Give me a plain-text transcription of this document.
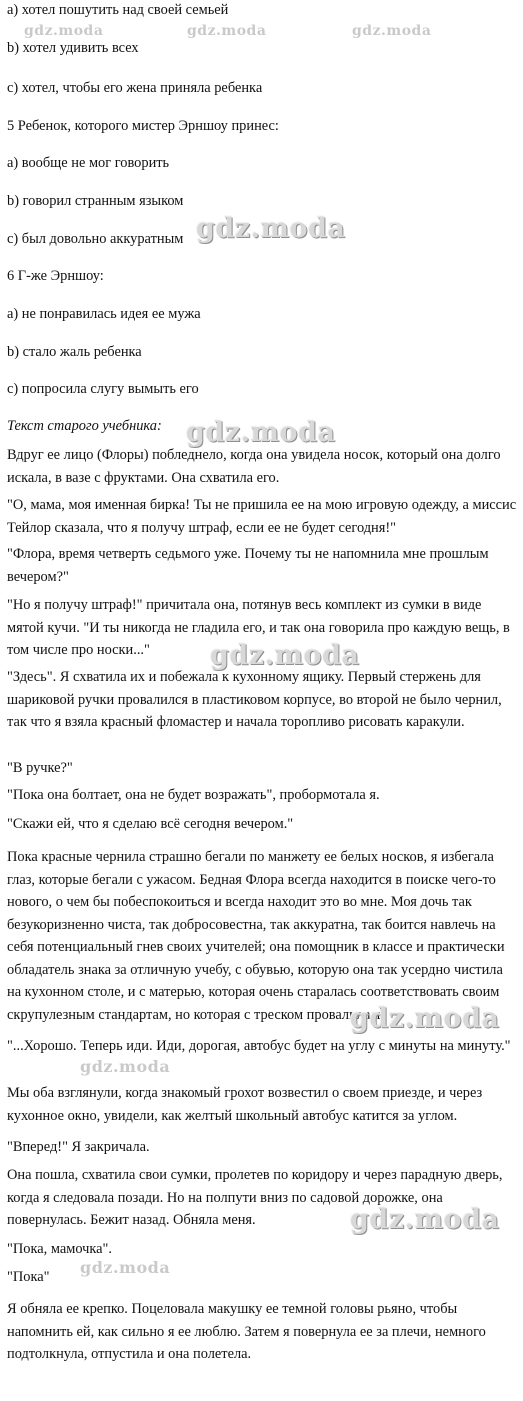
a) хотел пошутить над своей семьей
b) хотел удивить всех
c) хотел, чтобы его жена приняла ребенка
5 Ребенок, которого мистер Эрншоу принес:
a) вообще не мог говорить
b) говорил странным языком
c) был довольно аккуратным
6 Г-же Эрншоу:
a) не понравилась идея ее мужа
b) стало жаль ребенка
c) попросила слугу вымыть его
Текст старого учебника:
Вдруг ее лицо (Флоры) побледнело, когда она увидела носок, который она долго искала, в вазе с фруктами. Она схватила его.
"О, мама, моя именная бирка! Ты не пришила ее на мою игровую одежду, а миссис Тейлор сказала, что я получу штраф, если ее не будет сегодня!"
"Флора, время четверть седьмого уже. Почему ты не напомнила мне прошлым вечером?"
"Но я получу штраф!" причитала она, потянув весь комплект из сумки в виде мятой кучи. "И ты никогда не гладила его, и так она говорила про каждую вещь, в том числе про носки..."
"Здесь". Я схватила их и побежала к кухонному ящику. Первый стержень для шариковой ручки провалился в пластиковом корпусе, во второй не было чернил, так что я взяла красный фломастер и начала торопливо рисовать каракули.
"В ручке?"
"Пока она болтает, она не будет возражать", пробормотала я.
"Скажи ей, что я сделаю всё сегодня вечером."
Пока красные чернила страшно бегали по манжету ее белых носков, я избегала глаз, которые бегали с ужасом. Бедная Флора всегда находится в поиске чего-то нового, о чем бы побеспокоиться и всегда находит это во мне. Моя дочь так безукоризненно чиста, так добросовестна, так аккуратна, так боится навлечь на себя потенциальный гнев своих учителей; она помощник в классе и практически обладатель знака за отличную учебу, с обувью, которую она так усердно чистила на кухонном столе, и с матерью, которая очень старалась соответствовать своим скрупулезным стандартам, но которая с треском провалилась.
"...Хорошо. Теперь иди. Иди, дорогая, автобус будет на углу с минуты на минуту."
Мы оба взглянули, когда знакомый грохот возвестил о своем приезде, и через кухонное окно, увидели, как желтый школьный автобус катится за углом.
"Вперед!" Я закричала.
Она пошла, схватила свои сумки, пролетев по коридору и через парадную дверь, когда я следовала позади. Но на полпути вниз по садовой дорожке, она повернулась. Бежит назад. Обняла меня.
"Пока, мамочка".
"Пока"
Я обняла ее крепко. Поцеловала макушку ее темной головы рьяно, чтобы напомнить ей, как сильно я ее люблю. Затем я повернула ее за плечи, немного подтолкнула, отпустила и она полетела.
gdz.moda	gdz.moda	gdz.moda
gdz.moda
gdz.moda
gdz.moda
gdz.moda
gdz.moda
gdz.moda
gdz.moda
